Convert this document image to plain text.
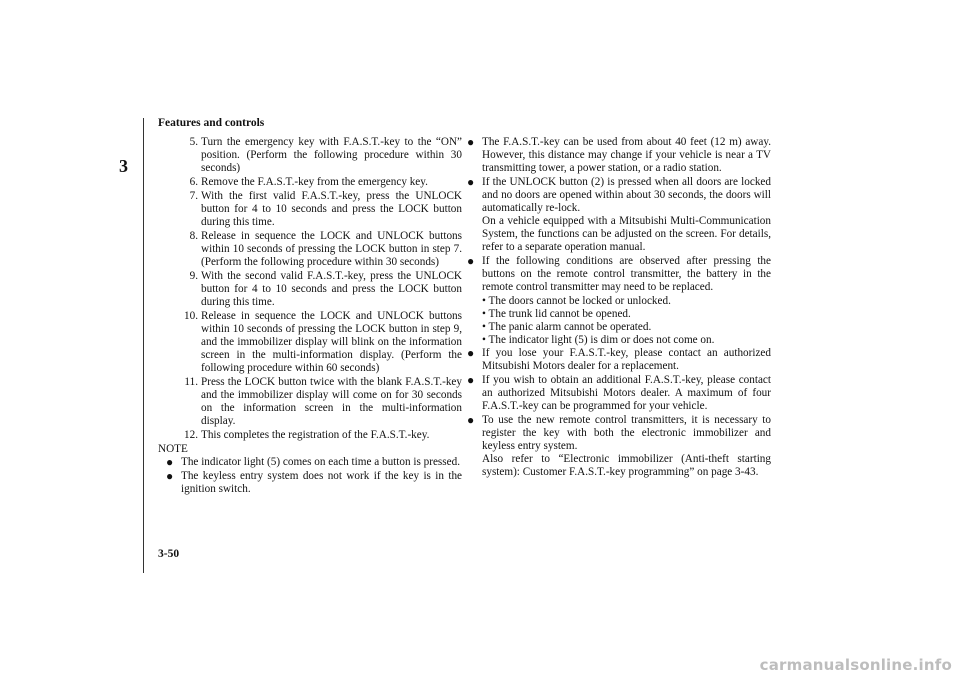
Features and controls
3
5. Turn the emergency key with F.A.S.T.-key to the “ON” position. (Perform the following procedure within 30 seconds)
6. Remove the F.A.S.T.-key from the emergency key.
7. With the first valid F.A.S.T.-key, press the UNLOCK button for 4 to 10 seconds and press the LOCK button during this time.
8. Release in sequence the LOCK and UNLOCK buttons within 10 seconds of pressing the LOCK button in step 7. (Perform the following procedure within 30 seconds)
9. With the second valid F.A.S.T.-key, press the UNLOCK button for 4 to 10 seconds and press the LOCK button during this time.
10. Release in sequence the LOCK and UNLOCK buttons within 10 seconds of pressing the LOCK button in step 9, and the immobilizer display will blink on the information screen in the multi-information display. (Perform the following procedure within 60 seconds)
11. Press the LOCK button twice with the blank F.A.S.T.-key and the immobilizer display will come on for 30 seconds on the information screen in the multi-information display.
12. This completes the registration of the F.A.S.T.-key.
NOTE
● The indicator light (5) comes on each time a button is pressed.
● The keyless entry system does not work if the key is in the ignition switch.
● The F.A.S.T.-key can be used from about 40 feet (12 m) away. However, this distance may change if your vehicle is near a TV transmitting tower, a power station, or a radio station.
● If the UNLOCK button (2) is pressed when all doors are locked and no doors are opened within about 30 seconds, the doors will automatically re-lock.
On a vehicle equipped with a Mitsubishi Multi-Communication System, the functions can be adjusted on the screen. For details, refer to a separate operation manual.
● If the following conditions are observed after pressing the buttons on the remote control transmitter, the battery in the remote control transmitter may need to be replaced.
• The doors cannot be locked or unlocked.
• The trunk lid cannot be opened.
• The panic alarm cannot be operated.
• The indicator light (5) is dim or does not come on.
● If you lose your F.A.S.T.-key, please contact an authorized Mitsubishi Motors dealer for a replacement.
● If you wish to obtain an additional F.A.S.T.-key, please contact an authorized Mitsubishi Motors dealer. A maximum of four F.A.S.T.-key can be programmed for your vehicle.
● To use the new remote control transmitters, it is necessary to register the key with both the electronic immobilizer and keyless entry system.
Also refer to “Electronic immobilizer (Anti-theft starting system): Customer F.A.S.T.-key programming” on page 3-43.
3-50
carmanualsonline.info
